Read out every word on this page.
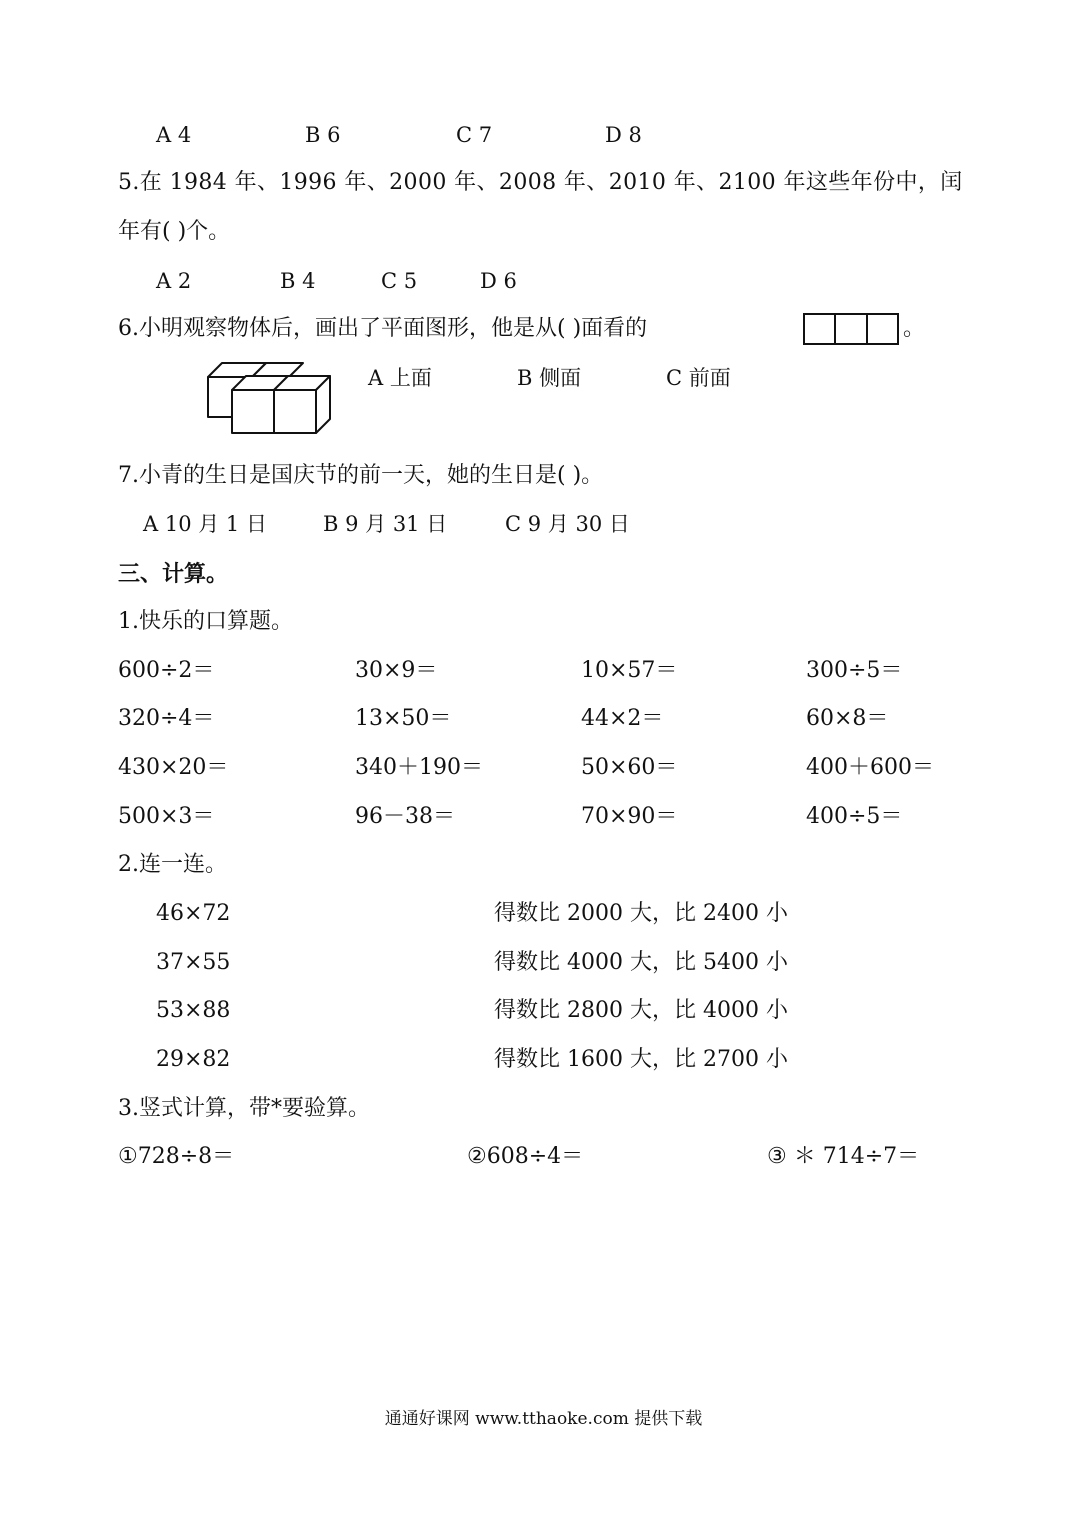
A 4	B 6	C 7	D 8
5.在 1984 年、1996 年、2000 年、2008 年、2010 年、2100 年这些年份中，闰
年有( )个。
A 2	B 4	C 5	D 6
6.小明观察物体后，画出了平面图形，他是从( )面看的	。
A 上面	B 侧面	C 前面
7.小青的生日是国庆节的前一天，她的生日是( )。
A 10 月 1 日	B 9 月 31 日	C 9 月 30 日
三、计算。
1.快乐的口算题。
600÷2＝	30×9＝	10×57＝	300÷5＝
320÷4＝	13×50＝	44×2＝	60×8＝
430×20＝	340＋190＝	50×60＝	400＋600＝
500×3＝	96－38＝	70×90＝	400÷5＝
2.连一连。
46×72	得数比 2000 大，比 2400 小
37×55	得数比 4000 大，比 5400 小
53×88	得数比 2800 大，比 4000 小
29×82	得数比 1600 大，比 2700 小
3.竖式计算，带*要验算。
①728÷8＝	②608÷4＝	③ ＊ 714÷7＝
通通好课网 www.tthaoke.com 提供下载
